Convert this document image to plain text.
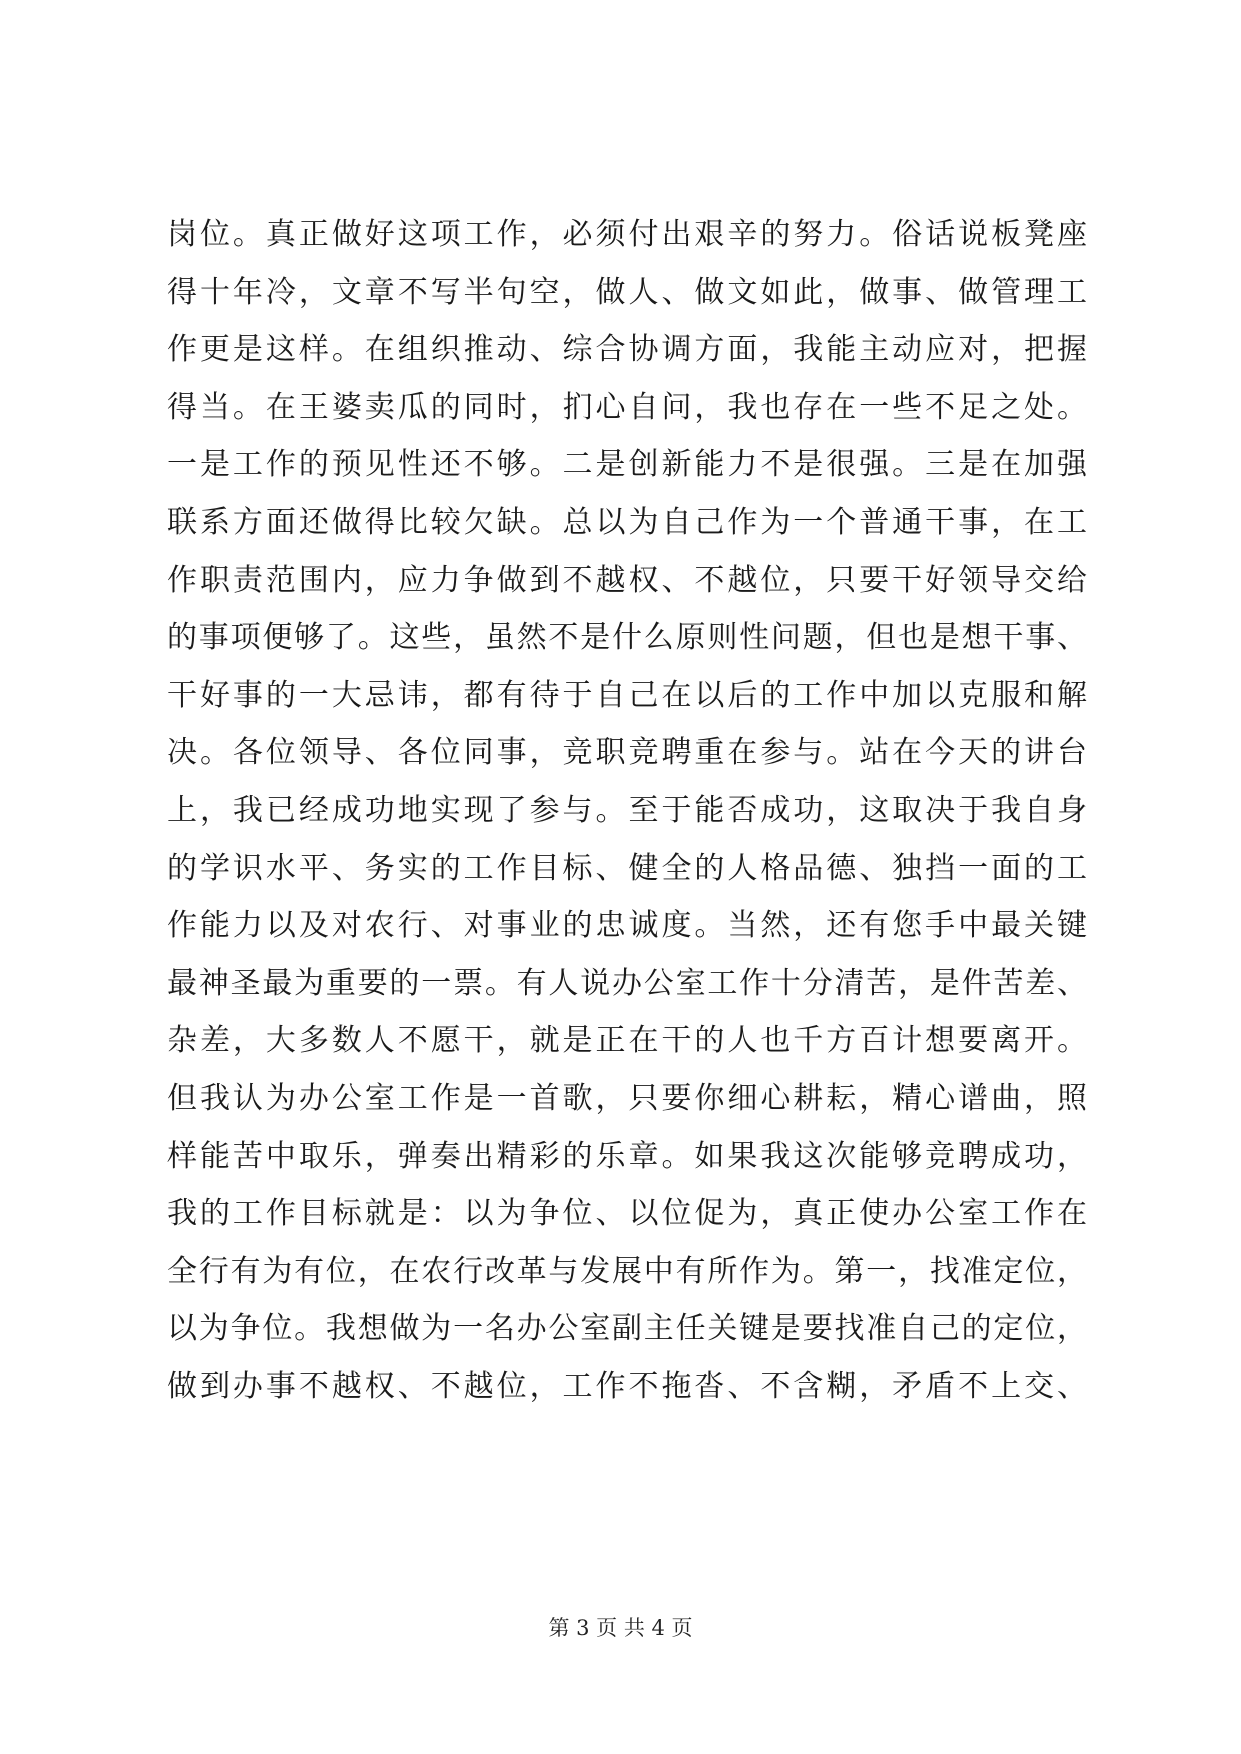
岗位。真正做好这项工作，必须付出艰辛的努力。俗话说板凳座
得十年冷，文章不写半句空，做人、做文如此，做事、做管理工
作更是这样。在组织推动、综合协调方面，我能主动应对，把握
得当。在王婆卖瓜的同时，扪心自问，我也存在一些不足之处。
一是工作的预见性还不够。二是创新能力不是很强。三是在加强
联系方面还做得比较欠缺。总以为自己作为一个普通干事，在工
作职责范围内，应力争做到不越权、不越位，只要干好领导交给
的事项便够了。这些，虽然不是什么原则性问题，但也是想干事、
干好事的一大忌讳，都有待于自己在以后的工作中加以克服和解
决。各位领导、各位同事，竞职竞聘重在参与。站在今天的讲台
上，我已经成功地实现了参与。至于能否成功，这取决于我自身
的学识水平、务实的工作目标、健全的人格品德、独挡一面的工
作能力以及对农行、对事业的忠诚度。当然，还有您手中最关键
最神圣最为重要的一票。有人说办公室工作十分清苦，是件苦差、
杂差，大多数人不愿干，就是正在干的人也千方百计想要离开。
但我认为办公室工作是一首歌，只要你细心耕耘，精心谱曲，照
样能苦中取乐，弹奏出精彩的乐章。如果我这次能够竞聘成功，
我的工作目标就是：以为争位、以位促为，真正使办公室工作在
全行有为有位，在农行改革与发展中有所作为。第一，找准定位，
以为争位。我想做为一名办公室副主任关键是要找准自己的定位，
做到办事不越权、不越位，工作不拖沓、不含糊，矛盾不上交、
第 3 页 共 4 页
